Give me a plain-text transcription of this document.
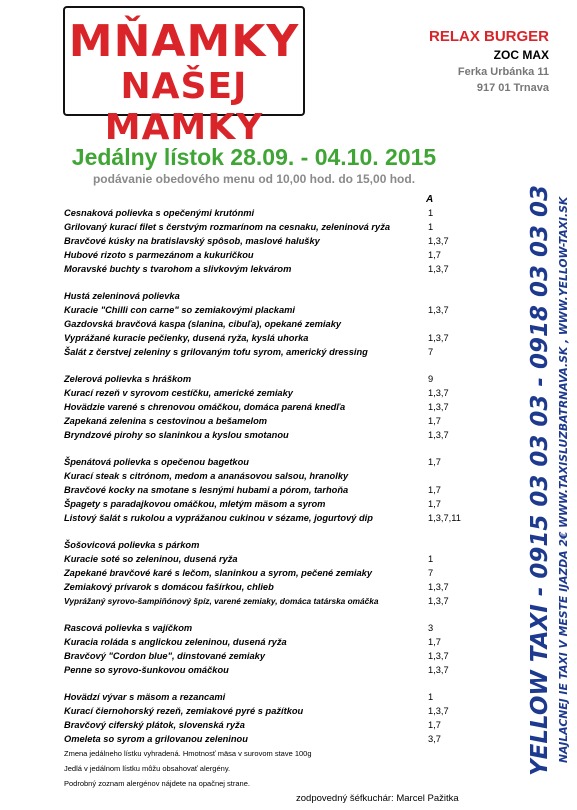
MŇAMKY
NAŠEJ MAMKY
RELAX BURGER
ZOC MAX
Ferka Urbánka 11
917 01 Trnava
Jedálny lístok 28.09. - 04.10. 2015
podávanie obedového menu od 10,00 hod. do 15,00 hod.
A
Cesnaková polievka s opečenými krutónmi	1
Grilovaný kurací filet s čerstvým rozmarínom na cesnaku, zeleninová ryža	1
Bravčové kúsky na bratislavský spôsob, maslové halušky	1,3,7
Hubové rizoto s parmezánom a kukuričkou	1,7
Moravské buchty s tvarohom a slivkovým lekvárom	1,3,7
Hustá zeleninová polievka
Kuracie "Chilli con carne" so zemiakovými plackami	1,3,7
Gazdovská bravčová kaspa (slanina, cibuľa), opekané zemiaky
Vyprážané kuracie pečienky, dusená ryža, kyslá uhorka	1,3,7
Šalát z čerstvej zeleniny s grilovaným tofu syrom, americký dressing	7
Zelerová polievka s hráškom	9
Kurací rezeň v syrovom cestíčku, americké zemiaky	1,3,7
Hovädzie varené s chrenovou omáčkou, domáca parená knedľa	1,3,7
Zapekaná zelenina s cestovinou a bešamelom	1,7
Bryndzové pirohy so slaninkou a kyslou smotanou	1,3,7
Špenátová polievka s opečenou bagetkou	1,7
Kurací steak s citrónom, medom a ananásovou salsou, hranolky
Bravčové kocky na smotane s lesnými hubami a pórom, tarhoňa	1,7
Špagety s paradajkovou omáčkou, mletým mäsom a syrom	1,7
Listový šalát s rukolou a vyprážanou cukinou v sézame, jogurtový dip	1,3,7,11
Šošovicová polievka s párkom
Kuracie soté so zeleninou, dusená ryža	1
Zapekané bravčové karé s lečom, slaninkou a syrom, pečené zemiaky	7
Zemiakový prívarok s domácou fašírkou, chlieb	1,3,7
Vyprážaný syrovo-šampiňónový špíz, varené zemiaky, domáca tatárska omáčka	1,3,7
Rascová polievka s vajíčkom	3
Kuracia roláda s anglickou zeleninou, dusená ryža	1,7
Bravčový "Cordon blue", dinstované zemiaky	1,3,7
Penne so syrovo-šunkovou omáčkou	1,3,7
Hovädzí vývar s mäsom a rezancami	1
Kurací čiernohorský rezeň, zemiakové pyré s pažítkou	1,3,7
Bravčový ciferský plátok, slovenská ryža	1,7
Omeleta so syrom a grilovanou zeleninou	3,7
Zmena jedálneho lístku vyhradená. Hmotnosť mäsa v surovom stave 100g
Jedlá v jedálnom lístku môžu obsahovať alergény.
Podrobný zoznam alergénov nájdete na opačnej strane.
zodpovedný šéfkuchár: Marcel Pažitka
YELLOW TAXI - 0915 03 03 03 - 0918 03 03 03 NAJLACNEJ IE TAXI V MESTE IJAZDA 2€ WWW.TAXISLUZBATRNAVA.SK , WWW.YELLOW-TAXI.SK
